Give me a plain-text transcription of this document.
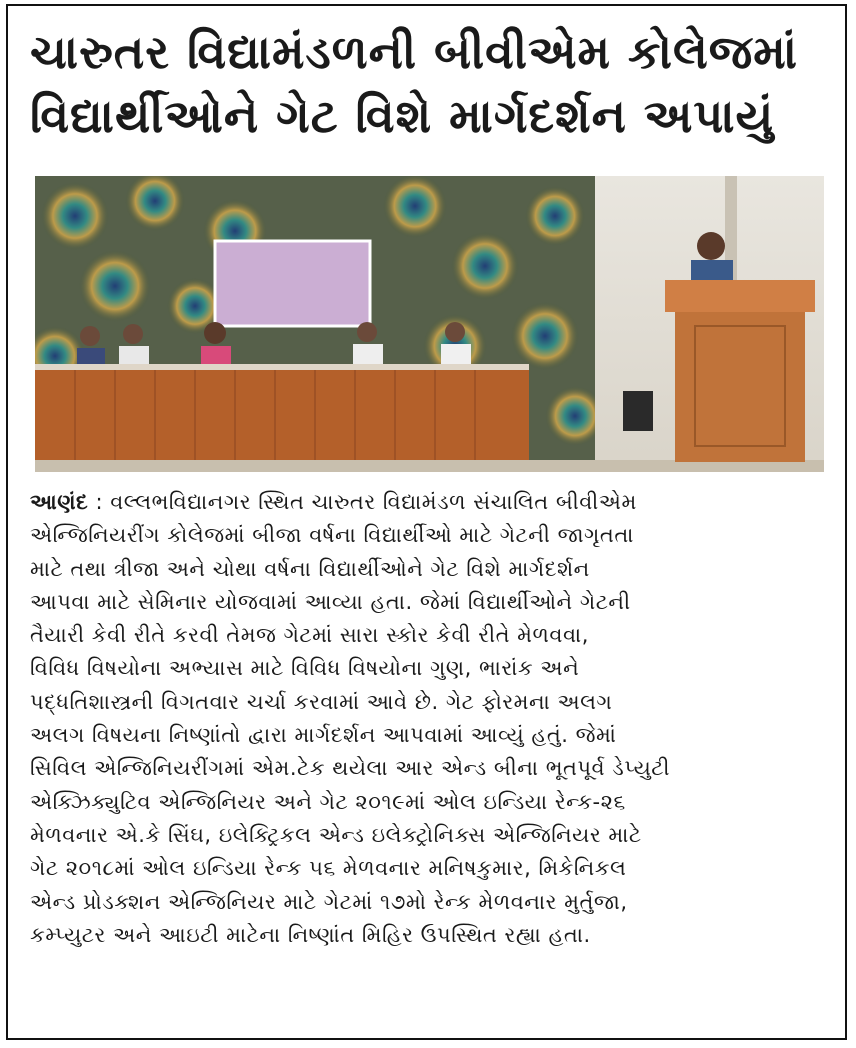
ચારુતર વિદ્યામંડળની બીવીએમ કોલેજમાં
વિદ્યાર્થીઓને ગેટ વિશે માર્ગદર્શન અપાયું
આણંદ : વલ્લભવિદ્યાનગર સ્થિત ચારુતર વિદ્યામંડળ સંચાલિત બીવીએમ
એન્જિનિયરીંગ કોલેજમાં બીજા વર્ષના વિદ્યાર્થીઓ માટે ગેટની જાગૃતતા
માટે તથા ત્રીજા અને ચોથા વર્ષના વિદ્યાર્થીઓને ગેટ વિશે માર્ગદર્શન
આપવા માટે સેમિનાર યોજવામાં આવ્યા હતા. જેમાં વિદ્યાર્થીઓને ગેટની
તૈયારી કેવી રીતે કરવી તેમજ ગેટમાં સારા સ્કોર કેવી રીતે મેળવવા,
વિવિધ વિષયોના અભ્યાસ માટે વિવિધ વિષયોના ગુણ, ભારાંક અને
પદ્ધતિશાસ્ત્રની વિગતવાર ચર્ચા કરવામાં આવે છે. ગેટ ફોરમના અલગ
અલગ વિષયના નિષ્ણાંતો દ્વારા માર્ગદર્શન આપવામાં આવ્યું હતું. જેમાં
સિવિલ એન્જિનિયરીંગમાં એમ.ટેક થયેલા આર એન્ડ બીના ભૂતપૂર્વ ડેપ્યુટી
એક્ઝિક્યુટિવ એન્જિનિયર અને ગેટ ૨૦૧૯માં ઓલ ઇન્ડિયા રેન્ક-૨૬
મેળવનાર એ.કે સિંઘ, ઇલેક્ટ્રિકલ એન્ડ ઇલેક્ટ્રોનિક્સ એન્જિનિયર માટે
ગેટ ૨૦૧૮માં ઓલ ઇન્ડિયા રેન્ક ૫૬ મેળવનાર મનિષકુમાર, મિકેનિકલ
એન્ડ પ્રોડક્શન એન્જિનિયર માટે ગેટમાં ૧૭મો રેન્ક મેળવનાર મુર્તુજા,
કમ્પ્યુટર અને આઇટી માટેના નિષ્ણાંત મિહિર ઉપસ્થિત રહ્યા હતા.
